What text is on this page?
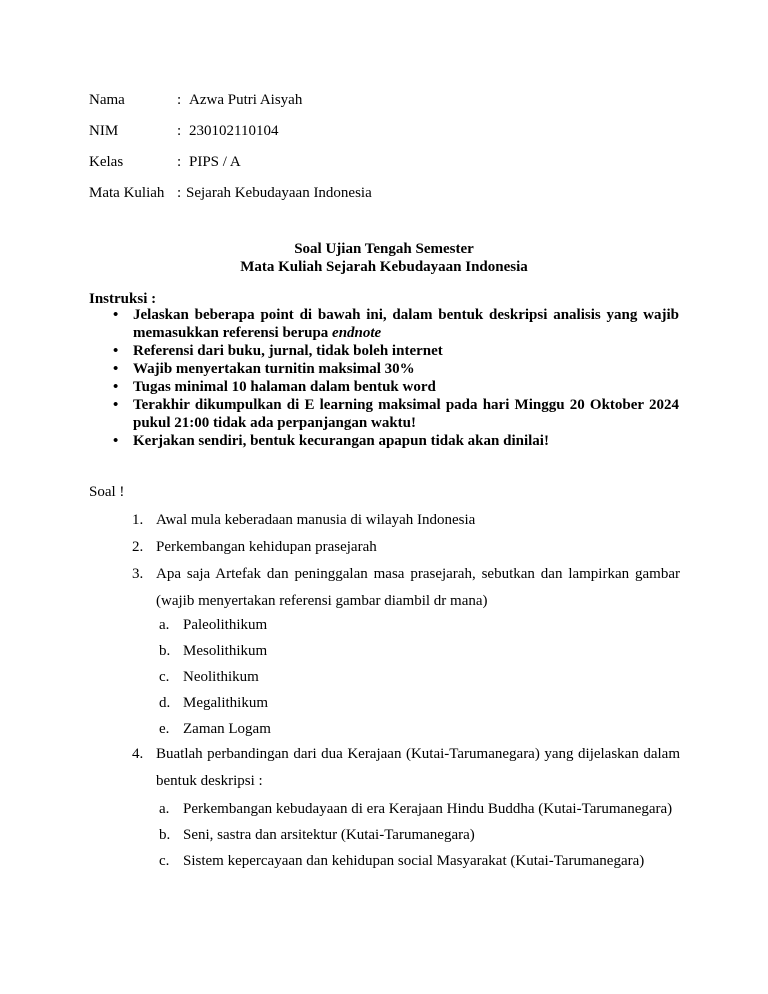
Nama	: Azwa Putri Aisyah
NIM	: 230102110104
Kelas	: PIPS / A
Mata Kuliah : Sejarah Kebudayaan Indonesia
Soal Ujian Tengah Semester
Mata Kuliah Sejarah Kebudayaan Indonesia
Instruksi :
• Jelaskan beberapa point di bawah ini, dalam bentuk deskripsi analisis yang wajib memasukkan referensi berupa endnote
• Referensi dari buku, jurnal, tidak boleh internet
• Wajib menyertakan turnitin maksimal 30%
• Tugas minimal 10 halaman dalam bentuk word
• Terakhir dikumpulkan di E learning maksimal pada hari Minggu 20 Oktober 2024 pukul 21:00 tidak ada perpanjangan waktu!
• Kerjakan sendiri, bentuk kecurangan apapun tidak akan dinilai!
Soal !
1. Awal mula keberadaan manusia di wilayah Indonesia
2. Perkembangan kehidupan prasejarah
3. Apa saja Artefak dan peninggalan masa prasejarah, sebutkan dan lampirkan gambar (wajib menyertakan referensi gambar diambil dr mana)
a. Paleolithikum
b. Mesolithikum
c. Neolithikum
d. Megalithikum
e. Zaman Logam
4. Buatlah perbandingan dari dua Kerajaan (Kutai-Tarumanegara) yang dijelaskan dalam bentuk deskripsi :
a. Perkembangan kebudayaan di era Kerajaan Hindu Buddha (Kutai-Tarumanegara)
b. Seni, sastra dan arsitektur (Kutai-Tarumanegara)
c. Sistem kepercayaan dan kehidupan social Masyarakat (Kutai-Tarumanegara)
